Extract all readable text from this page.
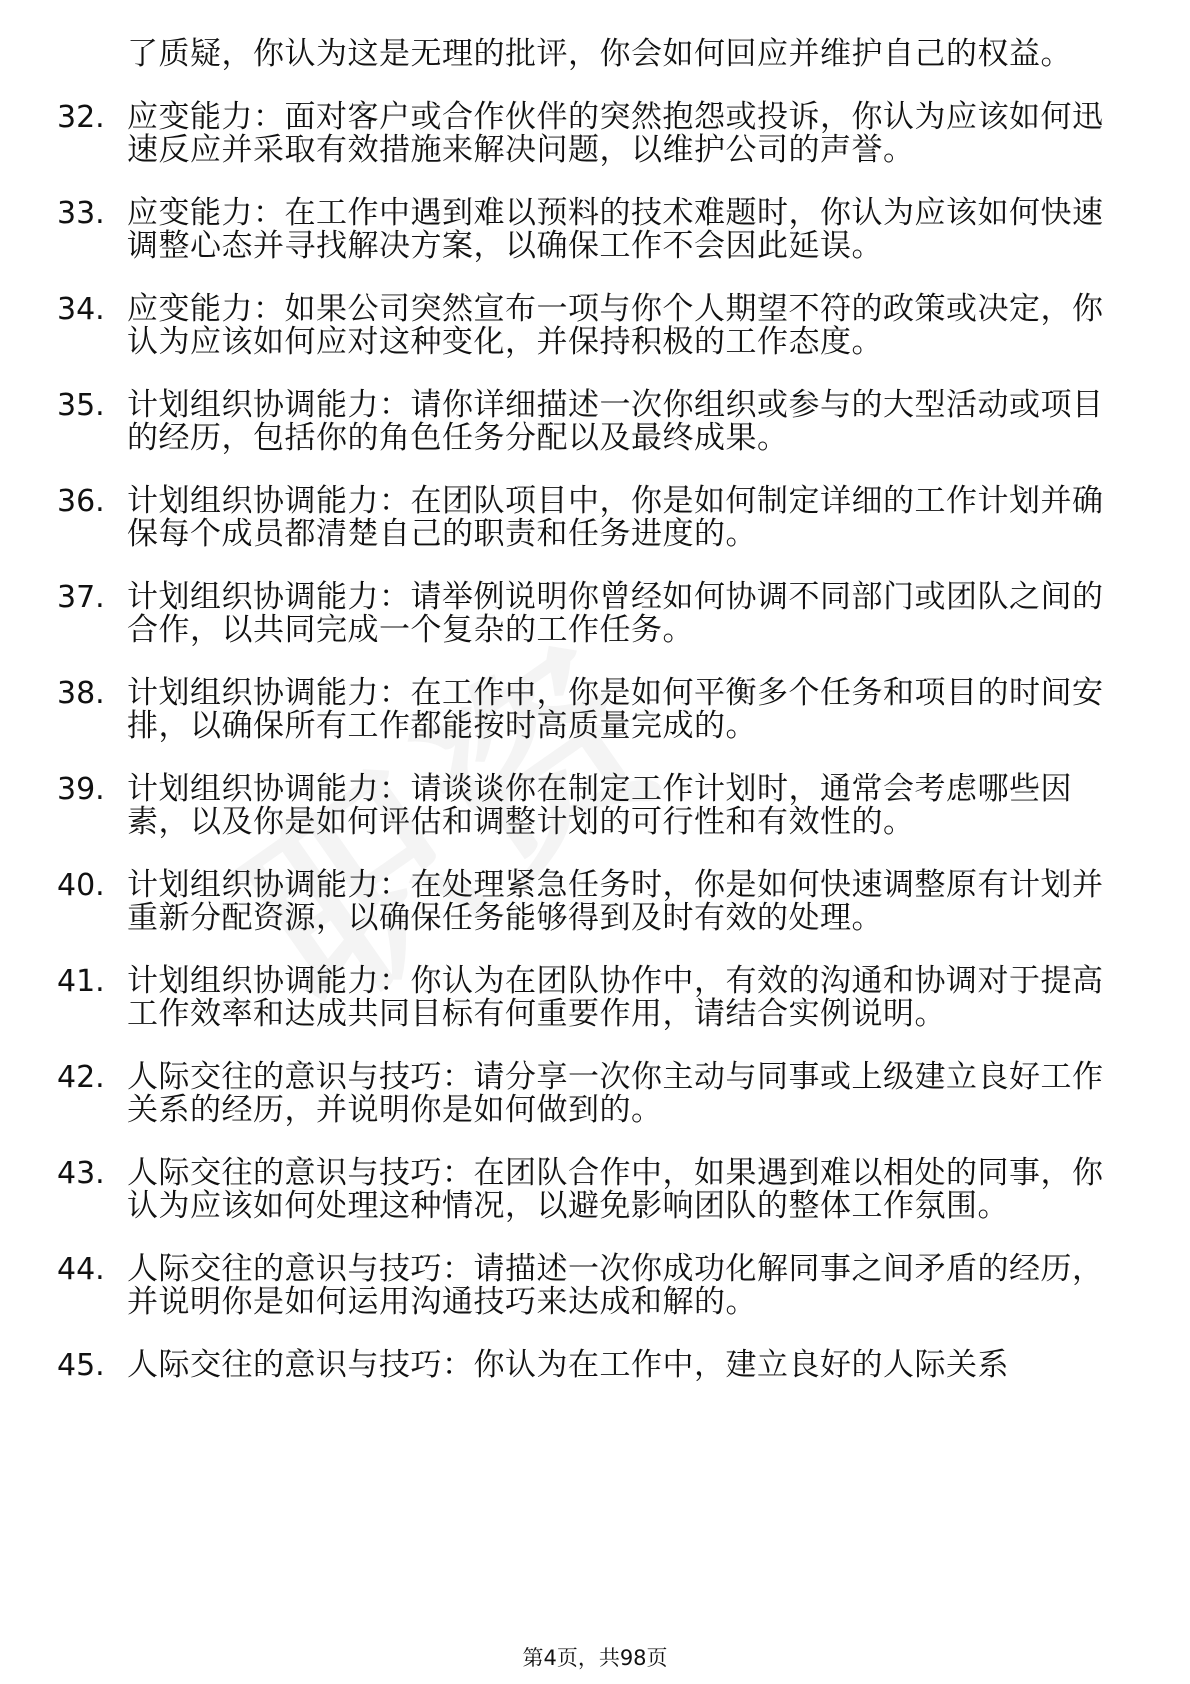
了质疑，你认为这是无理的批评，你会如何回应并维护自己的权益。
32. 应变能力：面对客户或合作伙伴的突然抱怨或投诉，你认为应该如何迅速反应并采取有效措施来解决问题，以维护公司的声誉。
33. 应变能力：在工作中遇到难以预料的技术难题时，你认为应该如何快速调整心态并寻找解决方案，以确保工作不会因此延误。
34. 应变能力：如果公司突然宣布一项与你个人期望不符的政策或决定，你认为应该如何应对这种变化，并保持积极的工作态度。
35. 计划组织协调能力：请你详细描述一次你组织或参与的大型活动或项目的经历，包括你的角色任务分配以及最终成果。
36. 计划组织协调能力：在团队项目中，你是如何制定详细的工作计划并确保每个成员都清楚自己的职责和任务进度的。
37. 计划组织协调能力：请举例说明你曾经如何协调不同部门或团队之间的合作，以共同完成一个复杂的工作任务。
38. 计划组织协调能力：在工作中，你是如何平衡多个任务和项目的时间安排，以确保所有工作都能按时高质量完成的。
39. 计划组织协调能力：请谈谈你在制定工作计划时，通常会考虑哪些因素，以及你是如何评估和调整计划的可行性和有效性的。
40. 计划组织协调能力：在处理紧急任务时，你是如何快速调整原有计划并重新分配资源，以确保任务能够得到及时有效的处理。
41. 计划组织协调能力：你认为在团队协作中，有效的沟通和协调对于提高工作效率和达成共同目标有何重要作用，请结合实例说明。
42. 人际交往的意识与技巧：请分享一次你主动与同事或上级建立良好工作关系的经历，并说明你是如何做到的。
43. 人际交往的意识与技巧：在团队合作中，如果遇到难以相处的同事，你认为应该如何处理这种情况，以避免影响团队的整体工作氛围。
44. 人际交往的意识与技巧：请描述一次你成功化解同事之间矛盾的经历，并说明你是如何运用沟通技巧来达成和解的。
45. 人际交往的意识与技巧：你认为在工作中，建立良好的人际关系
第4页，共98页
